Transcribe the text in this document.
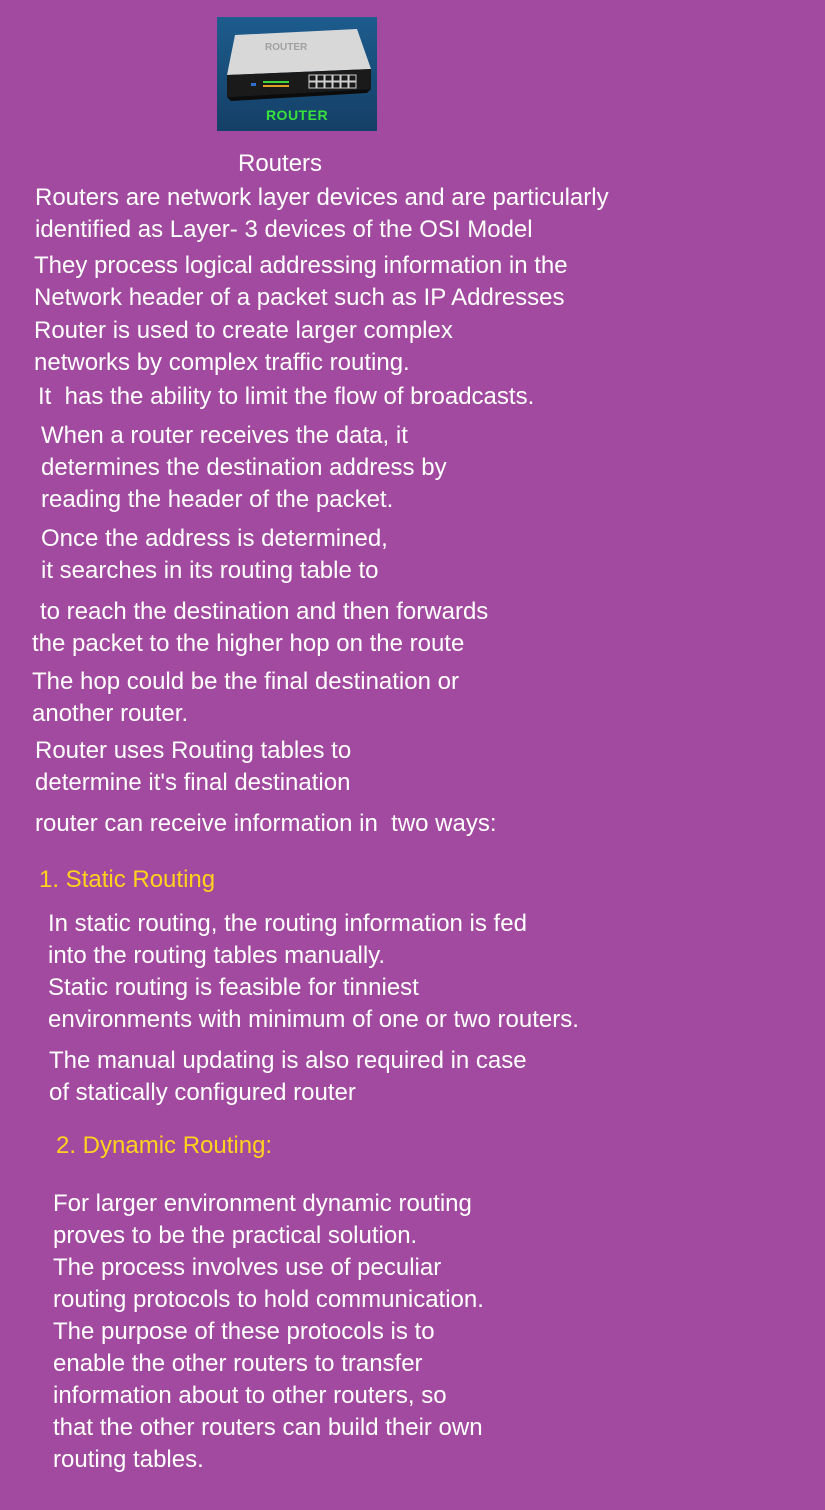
ROUTER
ROUTER
Routers
Routers are network layer devices and are particularly
identified as Layer- 3 devices of the OSI Model
They process logical addressing information in the
Network header of a packet such as IP Addresses
Router is used to create larger complex
networks by complex traffic routing.
It  has the ability to limit the flow of broadcasts.
When a router receives the data, it
determines the destination address by
reading the header of the packet.
Once the address is determined,
it searches in its routing table to
to reach the destination and then forwards
the packet to the higher hop on the route
The hop could be the final destination or
another router.
Router uses Routing tables to
determine it's final destination
router can receive information in  two ways:
1. Static Routing
In static routing, the routing information is fed
into the routing tables manually.
Static routing is feasible for tinniest
environments with minimum of one or two routers.
The manual updating is also required in case
of statically configured router
2. Dynamic Routing:
For larger environment dynamic routing
proves to be the practical solution.
The process involves use of peculiar
routing protocols to hold communication.
The purpose of these protocols is to
enable the other routers to transfer
information about to other routers, so
that the other routers can build their own
routing tables.
